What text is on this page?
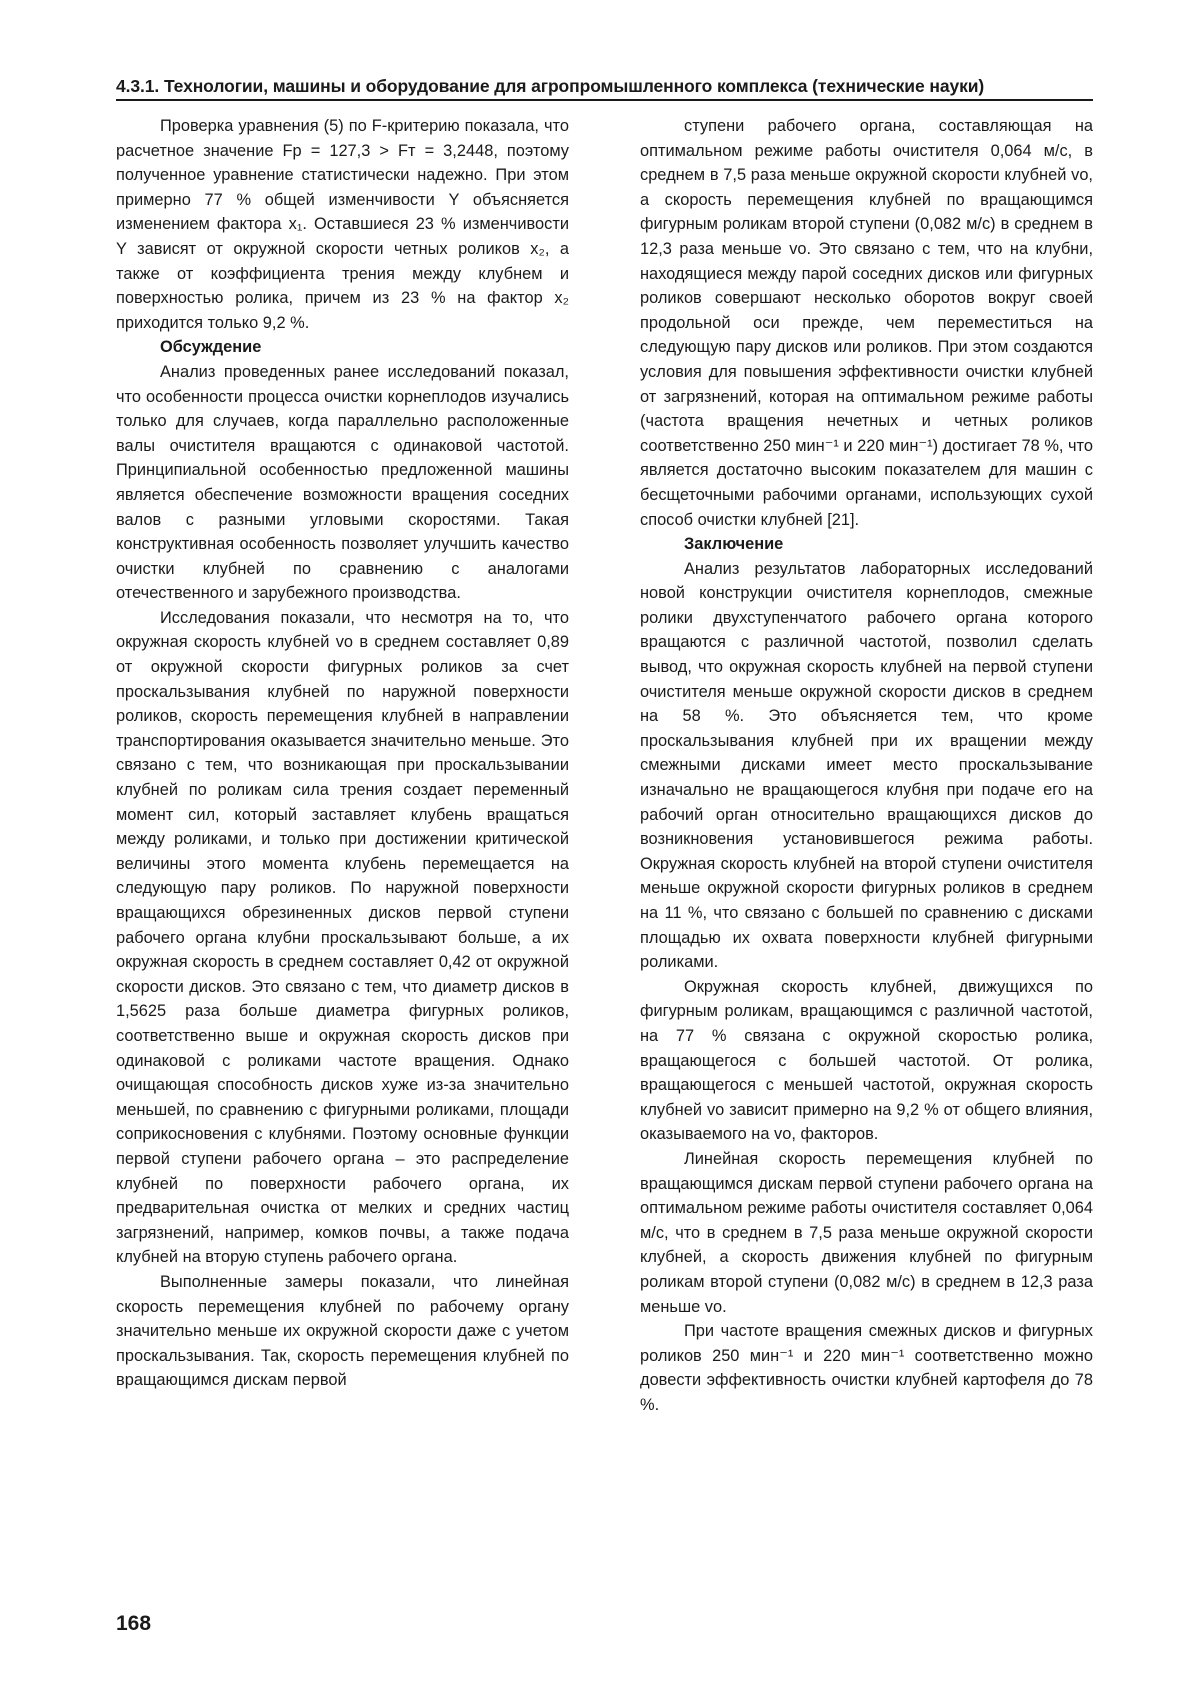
4.3.1. Технологии, машины и оборудование для агропромышленного комплекса (технические науки)

Проверка уравнения (5) по F-критерию показала, что расчетное значение Fр = 127,3 > Fт = 3,2448, поэтому полученное уравнение статистически надежно. При этом примерно 77 % общей изменчивости Y объясняется изменением фактора x₁. Оставшиеся 23 % изменчивости Y зависят от окружной скорости четных роликов x₂, а также от коэффициента трения между клубнем и поверхностью ролика, причем из 23 % на фактор x₂ приходится только 9,2 %.

Обсуждение

Анализ проведенных ранее исследований показал, что особенности процесса очистки корнеплодов изучались только для случаев, когда параллельно расположенные валы очистителя вращаются с одинаковой частотой. Принципиальной особенностью предложенной машины является обеспечение возможности вращения соседних валов с разными угловыми скоростями. Такая конструктивная особенность позволяет улучшить качество очистки клубней по сравнению с аналогами отечественного и зарубежного производства.

Исследования показали, что несмотря на то, что окружная скорость клубней vо в среднем составляет 0,89 от окружной скорости фигурных роликов за счет проскальзывания клубней по наружной поверхности роликов, скорость перемещения клубней в направлении транспортирования оказывается значительно меньше. Это связано с тем, что возникающая при проскальзывании клубней по роликам сила трения создает переменный момент сил, который заставляет клубень вращаться между роликами, и только при достижении критической величины этого момента клубень перемещается на следующую пару роликов. По наружной поверхности вращающихся обрезиненных дисков первой ступени рабочего органа клубни проскальзывают больше, а их окружная скорость в среднем составляет 0,42 от окружной скорости дисков. Это связано с тем, что диаметр дисков в 1,5625 раза больше диаметра фигурных роликов, соответственно выше и окружная скорость дисков при одинаковой с роликами частоте вращения. Однако очищающая способность дисков хуже из-за значительно меньшей, по сравнению с фигурными роликами, площади соприкосновения с клубнями. Поэтому основные функции первой ступени рабочего органа – это распределение клубней по поверхности рабочего органа, их предварительная очистка от мелких и средних частиц загрязнений, например, комков почвы, а также подача клубней на вторую ступень рабочего органа.

Выполненные замеры показали, что линейная скорость перемещения клубней по рабочему органу значительно меньше их окружной скорости даже с учетом проскальзывания. Так, скорость перемещения клубней по вращающимся дискам первой

ступени рабочего органа, составляющая на оптимальном режиме работы очистителя 0,064 м/с, в среднем в 7,5 раза меньше окружной скорости клубней vо, а скорость перемещения клубней по вращающимся фигурным роликам второй ступени (0,082 м/с) в среднем в 12,3 раза меньше vо. Это связано с тем, что на клубни, находящиеся между парой соседних дисков или фигурных роликов совершают несколько оборотов вокруг своей продольной оси прежде, чем переместиться на следующую пару дисков или роликов. При этом создаются условия для повышения эффективности очистки клубней от загрязнений, которая на оптимальном режиме работы (частота вращения нечетных и четных роликов соответственно 250 мин⁻¹ и 220 мин⁻¹) достигает 78 %, что является достаточно высоким показателем для машин с бесщеточными рабочими органами, использующих сухой способ очистки клубней [21].

Заключение

Анализ результатов лабораторных исследований новой конструкции очистителя корнеплодов, смежные ролики двухступенчатого рабочего органа которого вращаются с различной частотой, позволил сделать вывод, что окружная скорость клубней на первой ступени очистителя меньше окружной скорости дисков в среднем на 58 %. Это объясняется тем, что кроме проскальзывания клубней при их вращении между смежными дисками имеет место проскальзывание изначально не вращающегося клубня при подаче его на рабочий орган относительно вращающихся дисков до возникновения установившегося режима работы. Окружная скорость клубней на второй ступени очистителя меньше окружной скорости фигурных роликов в среднем на 11 %, что связано с большей по сравнению с дисками площадью их охвата поверхности клубней фигурными роликами.

Окружная скорость клубней, движущихся по фигурным роликам, вращающимся с различной частотой, на 77 % связана с окружной скоростью ролика, вращающегося с большей частотой. От ролика, вращающегося с меньшей частотой, окружная скорость клубней vо зависит примерно на 9,2 % от общего влияния, оказываемого на vо, факторов.

Линейная скорость перемещения клубней по вращающимся дискам первой ступени рабочего органа на оптимальном режиме работы очистителя составляет 0,064 м/с, что в среднем в 7,5 раза меньше окружной скорости клубней, а скорость движения клубней по фигурным роликам второй ступени (0,082 м/с) в среднем в 12,3 раза меньше vо.

При частоте вращения смежных дисков и фигурных роликов 250 мин⁻¹ и 220 мин⁻¹ соответственно можно довести эффективность очистки клубней картофеля до 78 %.

168
